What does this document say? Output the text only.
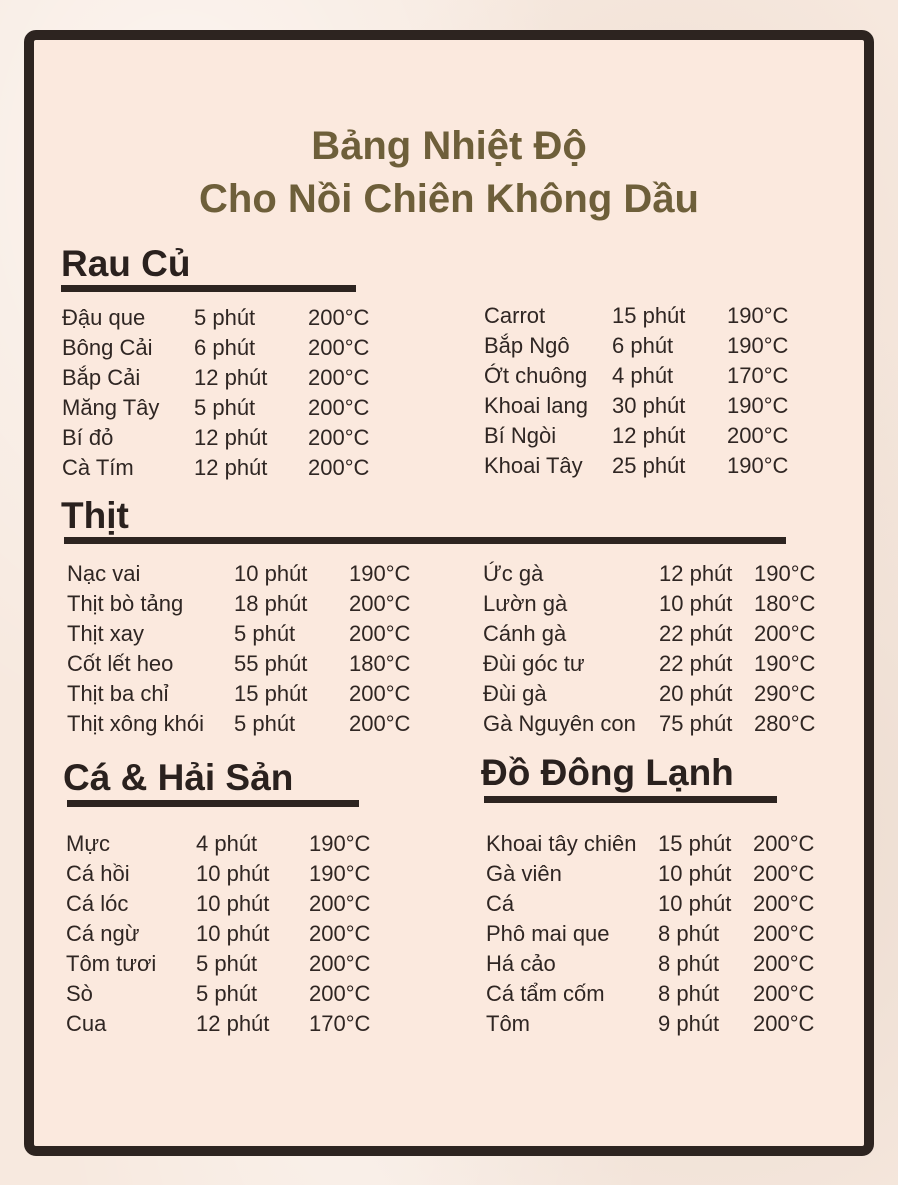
Bảng Nhiệt Độ
Cho Nồi Chiên Không Dầu
Rau Củ
Đậu que 5 phút 200°C
Bông Cải 6 phút 200°C
Bắp Cải 12 phút 200°C
Măng Tây 5 phút 200°C
Bí đỏ	12 phút 200°C
Cà Tím	12 phút 200°C
Carrot	15 phút 190°C
Bắp Ngô 6 phút 190°C
Ớt chuông 4 phút 170°C
Khoai lang 30 phút 190°C
Bí Ngòi	12 phút 200°C
Khoai Tây 25 phút 190°C
Thịt
Nạc vai	10 phút 190°C
Thịt bò tảng 18 phút 200°C
Thịt xay	5 phút 200°C
Cốt lết heo	55 phút 180°C
Thịt ba chỉ	15 phút 200°C
Thịt xông khói 5 phút 200°C
Ức gà	12 phút 190°C
Lườn gà	10 phút 180°C
Cánh gà	22 phút 200°C
Đùi góc tư	22 phút 190°C
Đùi gà	20 phút 290°C
Gà Nguyên con 75 phút 280°C
Cá & Hải Sản
Mực	4 phút 190°C
Cá hồi	10 phút 190°C
Cá lóc	10 phút 200°C
Cá ngừ	10 phút 200°C
Tôm tươi 5 phút 200°C
Sò	5 phút 200°C
Cua	12 phút 170°C
Đồ Đông Lạnh
Khoai tây chiên 15 phút 200°C
Gà viên	10 phút 200°C
Cá	10 phút 200°C
Phô mai que 8 phút 200°C
Há cảo	8 phút 200°C
Cá tẩm cốm 8 phút 200°C
Tôm	9 phút 200°C
